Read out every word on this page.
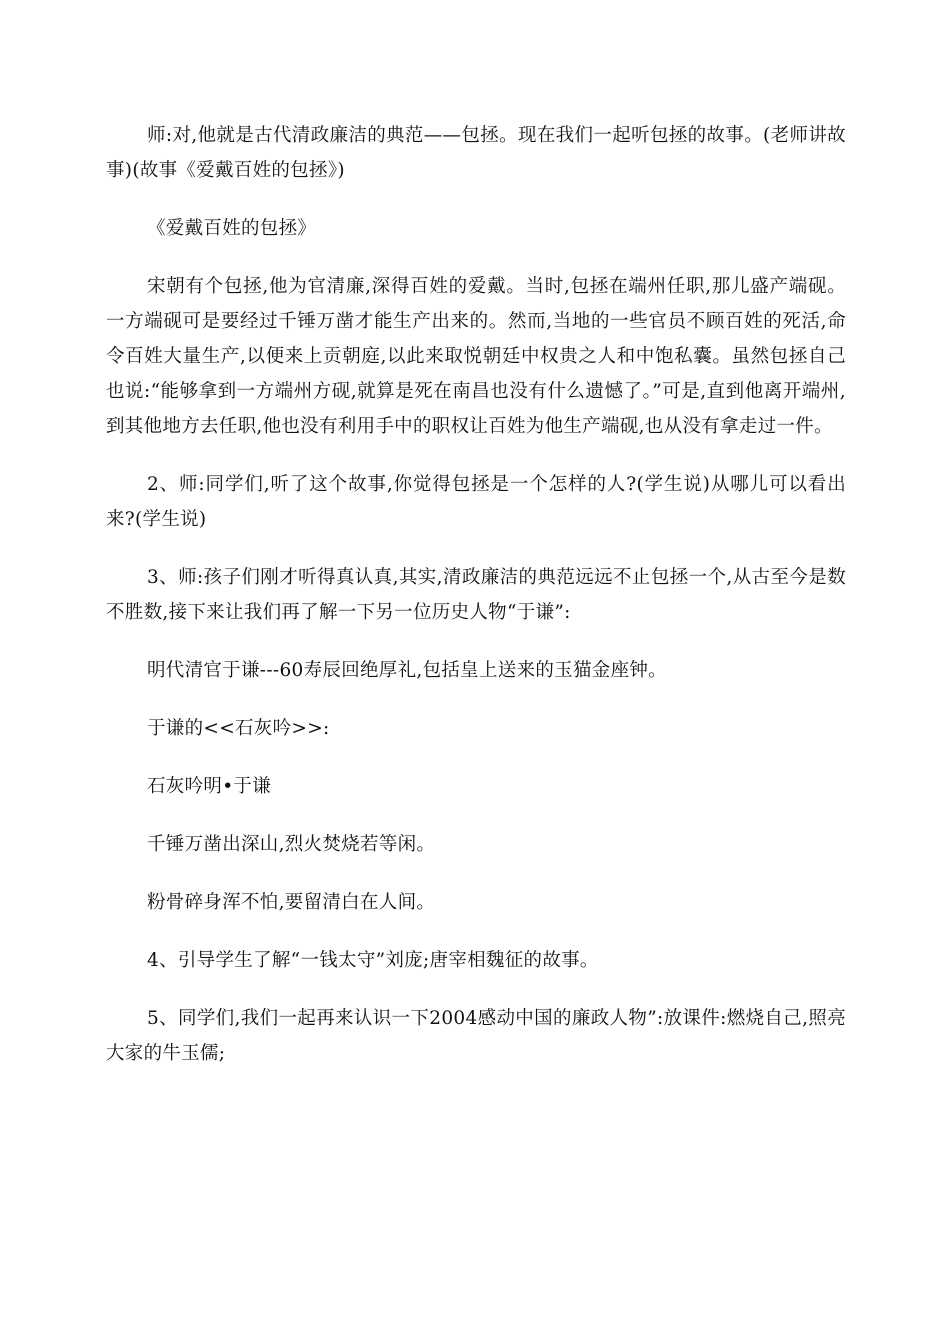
师:对,他就是古代清政廉洁的典范——包拯。现在我们一起听包拯的故事。(老师讲故事)(故事《爱戴百姓的包拯》)

《爱戴百姓的包拯》

宋朝有个包拯,他为官清廉,深得百姓的爱戴。当时,包拯在端州任职,那儿盛产端砚。一方端砚可是要经过千锤万凿才能生产出来的。然而,当地的一些官员不顾百姓的死活,命令百姓大量生产,以便来上贡朝庭,以此来取悦朝廷中权贵之人和中饱私囊。虽然包拯自己也说:“能够拿到一方端州方砚,就算是死在南昌也没有什么遗憾了。”可是,直到他离开端州,到其他地方去任职,他也没有利用手中的职权让百姓为他生产端砚,也从没有拿走过一件。

2、师:同学们,听了这个故事,你觉得包拯是一个怎样的人?(学生说)从哪儿可以看出来?(学生说)

3、师:孩子们刚才听得真认真,其实,清政廉洁的典范远远不止包拯一个,从古至今是数不胜数,接下来让我们再了解一下另一位历史人物“于谦”:

明代清官于谦---60寿辰回绝厚礼,包括皇上送来的玉猫金座钟。

于谦的<<石灰吟>>:

石灰吟明•于谦

千锤万凿出深山,烈火焚烧若等闲。

粉骨碎身浑不怕,要留清白在人间。

4、引导学生了解“一钱太守”刘庞;唐宰相魏征的故事。

5、同学们,我们一起再来认识一下2004感动中国的廉政人物”:放课件:燃烧自己,照亮大家的牛玉儒;
